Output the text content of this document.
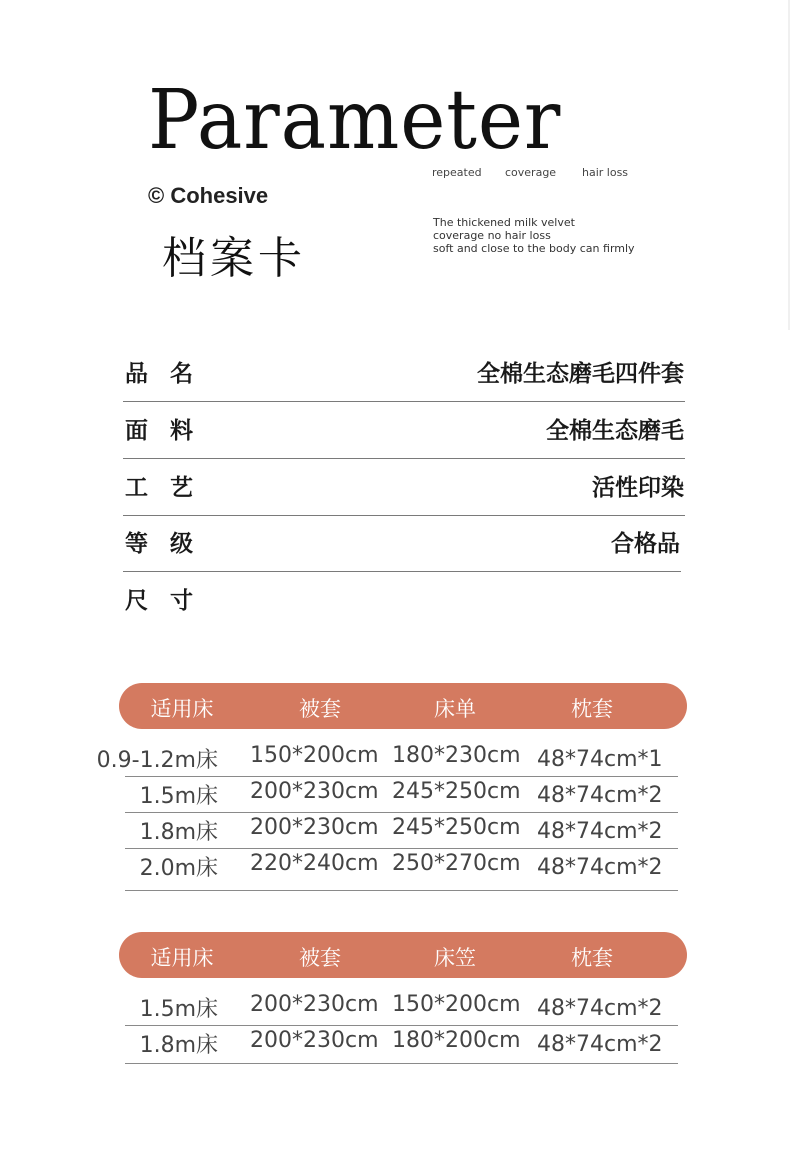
Parameter
repeated coverage hair loss
© Cohesive
档案卡
The thickened milk velvet
coverage no hair loss
soft and close to the body can firmly
品名	全棉生态磨毛四件套
面料	全棉生态磨毛
工艺	活性印染
等级	合格品
尺寸
适用床	被套	床单	枕套
0.9-1.2m床 150*200cm 180*230cm 48*74cm*1
1.5m床 200*230cm 245*250cm 48*74cm*2
1.8m床 200*230cm 245*250cm 48*74cm*2
2.0m床 220*240cm 250*270cm 48*74cm*2
适用床	被套	床笠	枕套
1.5m床 200*230cm 150*200cm 48*74cm*2
1.8m床 200*230cm 180*200cm 48*74cm*2
